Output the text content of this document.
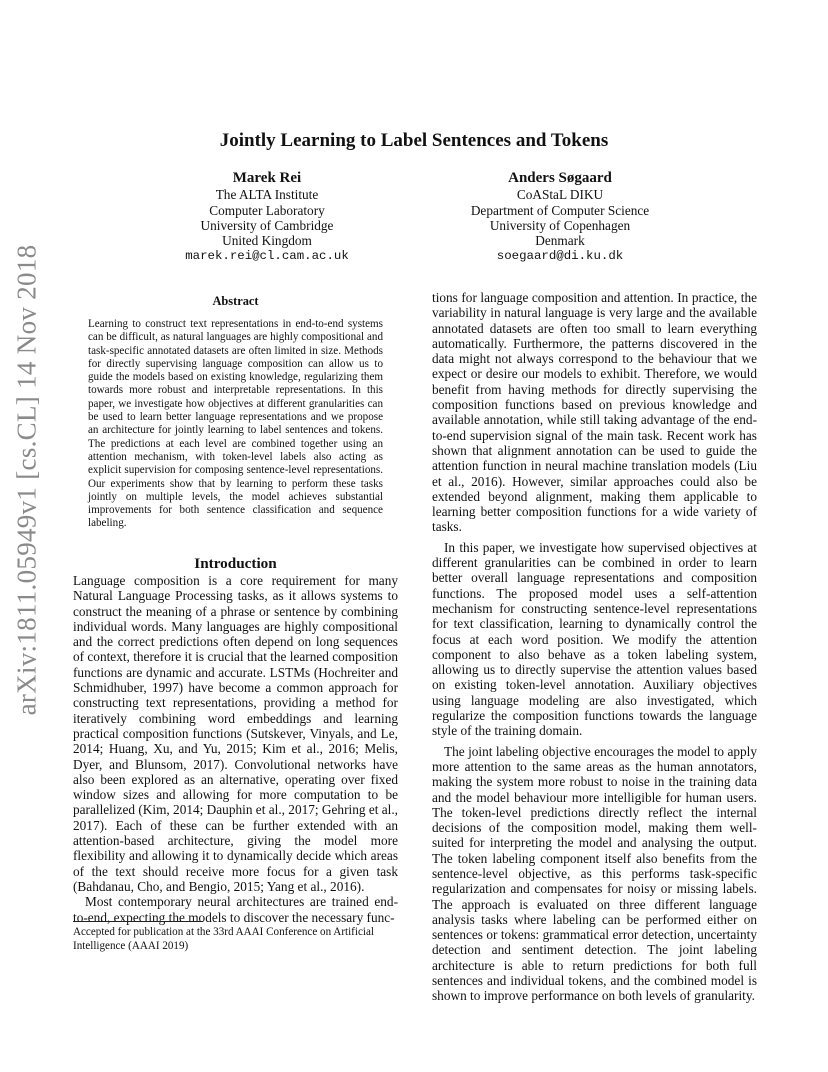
arXiv:1811.05949v1 [cs.CL] 14 Nov 2018
Jointly Learning to Label Sentences and Tokens
Marek Rei
The ALTA Institute
Computer Laboratory
University of Cambridge
United Kingdom
marek.rei@cl.cam.ac.uk
Anders Søgaard
CoAStaL DIKU
Department of Computer Science
University of Copenhagen
Denmark
soegaard@di.ku.dk
Abstract
Learning to construct text representations in end-to-end systems can be difficult, as natural languages are highly compositional and task-specific annotated datasets are often limited in size. Methods for directly supervising language composition can allow us to guide the models based on existing knowledge, regularizing them towards more robust and interpretable representations. In this paper, we investigate how objectives at different granularities can be used to learn better language representations and we propose an architecture for jointly learning to label sentences and tokens. The predictions at each level are combined together using an attention mechanism, with token-level labels also acting as explicit supervision for composing sentence-level representations. Our experiments show that by learning to perform these tasks jointly on multiple levels, the model achieves substantial improvements for both sentence classification and sequence labeling.
Introduction

Language composition is a core requirement for many Natural Language Processing tasks, as it allows systems to construct the meaning of a phrase or sentence by combining individual words. Many languages are highly compositional and the correct predictions often depend on long sequences of context, therefore it is crucial that the learned composition functions are dynamic and accurate. LSTMs (Hochreiter and Schmidhuber, 1997) have become a common approach for constructing text representations, providing a method for iteratively combining word embeddings and learning practical composition functions (Sutskever, Vinyals, and Le, 2014; Huang, Xu, and Yu, 2015; Kim et al., 2016; Melis, Dyer, and Blunsom, 2017). Convolutional networks have also been explored as an alternative, operating over fixed window sizes and allowing for more computation to be parallelized (Kim, 2014; Dauphin et al., 2017; Gehring et al., 2017). Each of these can be further extended with an attention-based architecture, giving the model more flexibility and allowing it to dynamically decide which areas of the text should receive more focus for a given task (Bahdanau, Cho, and Bengio, 2015; Yang et al., 2016).

Most contemporary neural architectures are trained end-to-end, expecting the models to discover the necessary func-

Accepted for publication at the 33rd AAAI Conference on Artificial Intelligence (AAAI 2019)

tions for language composition and attention. In practice, the variability in natural language is very large and the available annotated datasets are often too small to learn everything automatically. Furthermore, the patterns discovered in the data might not always correspond to the behaviour that we expect or desire our models to exhibit. Therefore, we would benefit from having methods for directly supervising the composition functions based on previous knowledge and available annotation, while still taking advantage of the end-to-end supervision signal of the main task. Recent work has shown that alignment annotation can be used to guide the attention function in neural machine translation models (Liu et al., 2016). However, similar approaches could also be extended beyond alignment, making them applicable to learning better composition functions for a wide variety of tasks.

In this paper, we investigate how supervised objectives at different granularities can be combined in order to learn better overall language representations and composition functions. The proposed model uses a self-attention mechanism for constructing sentence-level representations for text classification, learning to dynamically control the focus at each word position. We modify the attention component to also behave as a token labeling system, allowing us to directly supervise the attention values based on existing token-level annotation. Auxiliary objectives using language modeling are also investigated, which regularize the composition functions towards the language style of the training domain.

The joint labeling objective encourages the model to apply more attention to the same areas as the human annotators, making the system more robust to noise in the training data and the model behaviour more intelligible for human users. The token-level predictions directly reflect the internal decisions of the composition model, making them well-suited for interpreting the model and analysing the output. The token labeling component itself also benefits from the sentence-level objective, as this performs task-specific regularization and compensates for noisy or missing labels. The approach is evaluated on three different language analysis tasks where labeling can be performed either on sentences or tokens: grammatical error detection, uncertainty detection and sentiment detection. The joint labeling architecture is able to return predictions for both full sentences and individual tokens, and the combined model is shown to improve performance on both levels of granularity.
